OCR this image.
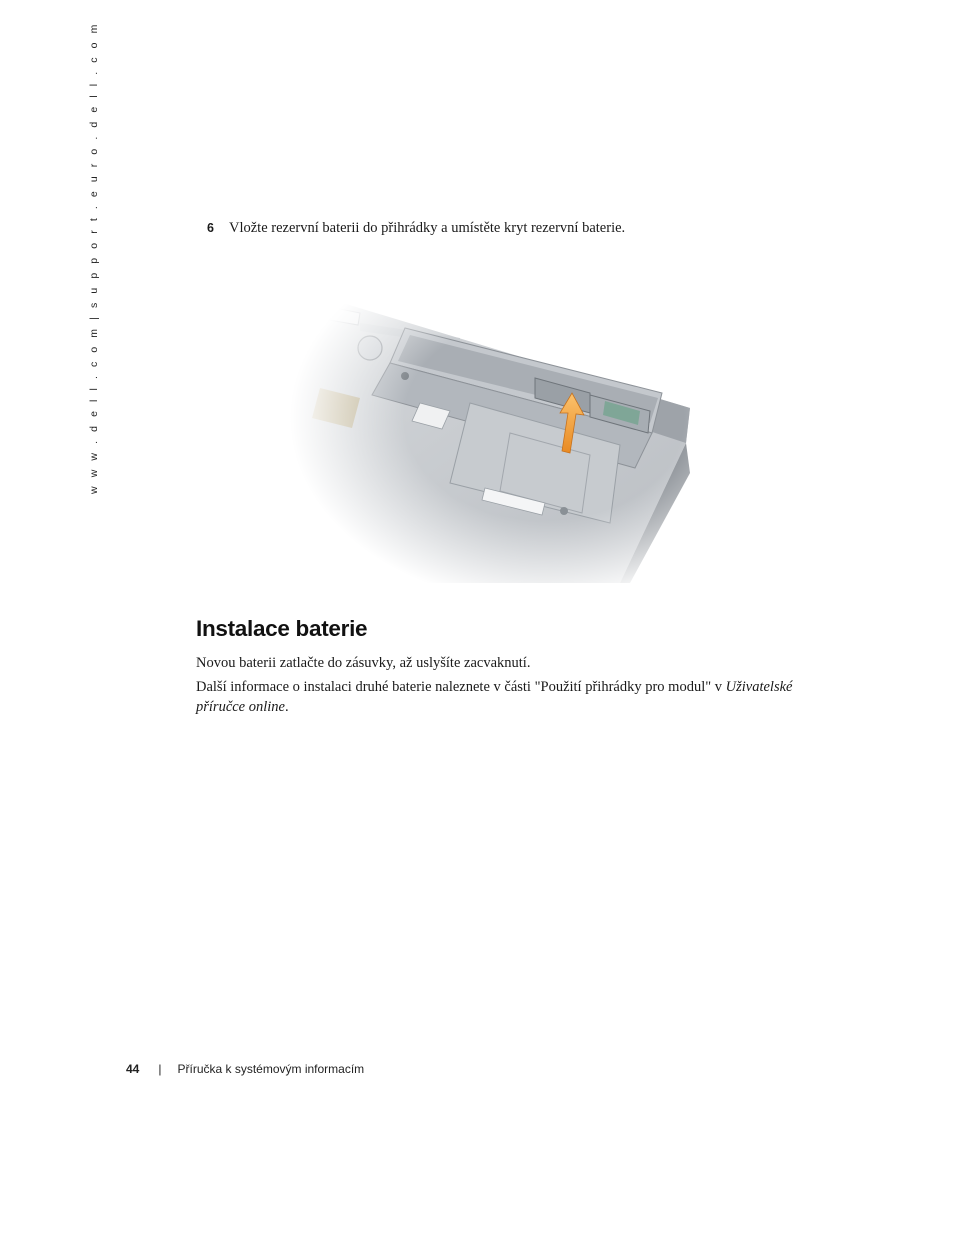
w w w . d e l l . c o m | s u p p o r t . e u r o . d e l l . c o m	6 Vložte rezervní baterii do přihrádky a umístěte kryt rezervní baterie.
Instalace baterie

Novou baterii zatlačte do zásuvky, až uslyšíte zacvaknutí.

Další informace o instalaci druhé baterie naleznete v části "Použití přihrádky pro modul" v Uživatelské příručce online.

44 | Příručka k systémovým informacím
